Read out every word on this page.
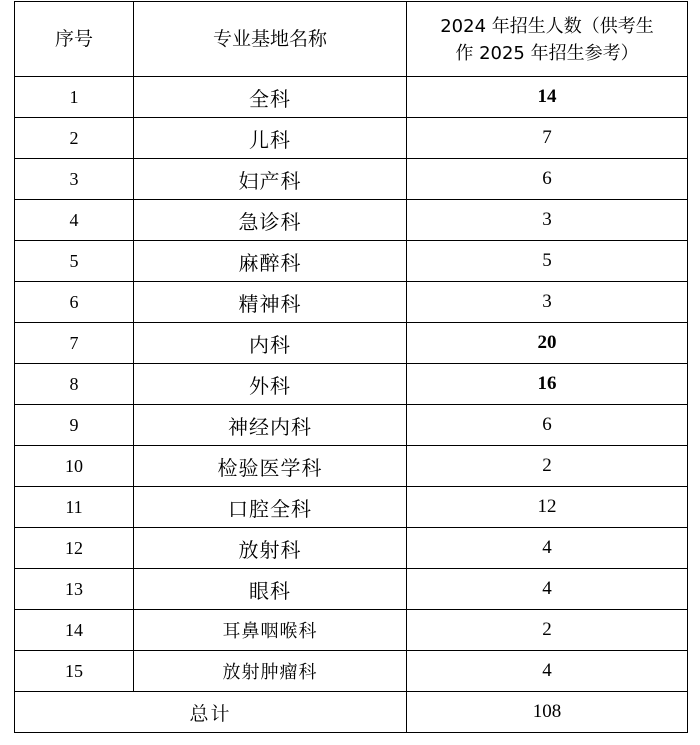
序号	专业基地名称	2024 年招生人数（供考生
作 2025 年招生参考）

1	全科	14
2	儿科	7
3	妇产科	6
4	急诊科	3
5	麻醉科	5
6	精神科	3
7	内科	20
8	外科	16
9	神经内科	6
10	检验医学科	2
11	口腔全科	12
12	放射科	4
13	眼科	4
14	耳鼻咽喉科	2
15	放射肿瘤科	4
总计		108
